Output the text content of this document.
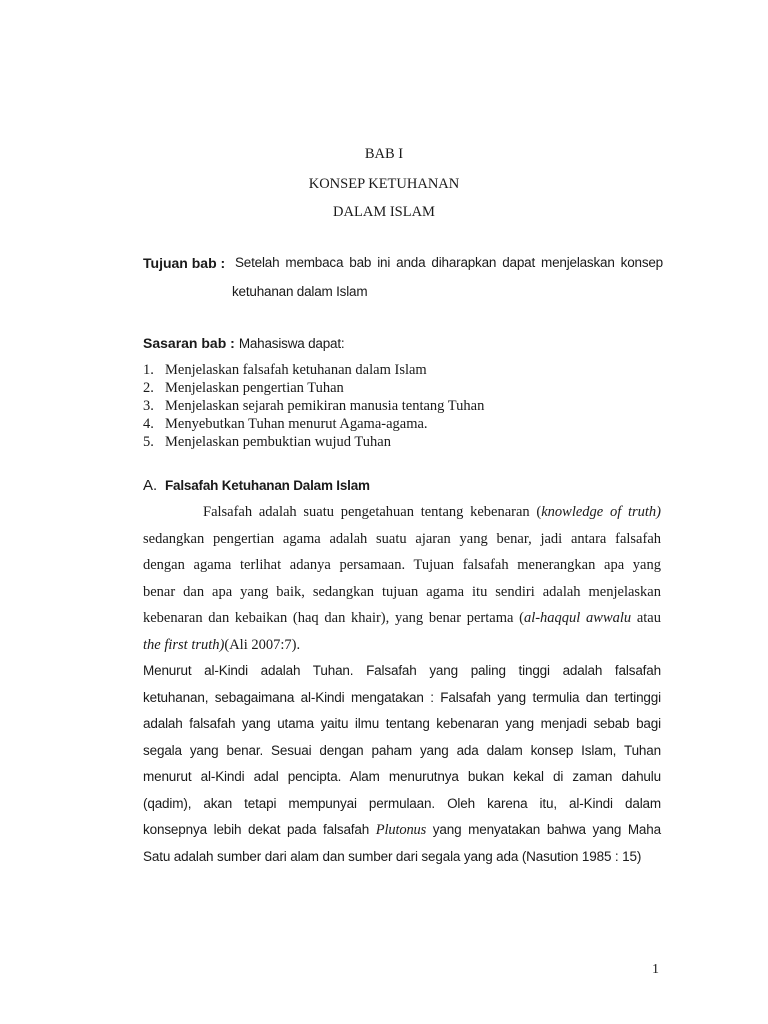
BAB I
KONSEP KETUHANAN
DALAM ISLAM
Tujuan bab : Setelah membaca bab ini anda diharapkan dapat menjelaskan konsep
ketuhanan dalam Islam
Sasaran bab : Mahasiswa dapat:
1. Menjelaskan falsafah ketuhanan dalam Islam
2. Menjelaskan pengertian Tuhan
3. Menjelaskan sejarah pemikiran manusia tentang Tuhan
4. Menyebutkan Tuhan menurut Agama-agama.
5. Menjelaskan pembuktian wujud Tuhan
A. Falsafah Ketuhanan Dalam Islam
Falsafah adalah suatu pengetahuan tentang kebenaran (knowledge of truth)
sedangkan pengertian agama adalah suatu ajaran yang benar, jadi antara falsafah
dengan agama terlihat adanya persamaan. Tujuan falsafah menerangkan apa yang
benar dan apa yang baik, sedangkan tujuan agama itu sendiri adalah menjelaskan
kebenaran dan kebaikan (haq dan khair), yang benar pertama (al-haqqul awwalu atau
the first truth)(Ali 2007:7).
Menurut al-Kindi adalah Tuhan. Falsafah yang paling tinggi adalah falsafah
ketuhanan, sebagaimana al-Kindi mengatakan : Falsafah yang termulia dan tertinggi
adalah falsafah yang utama yaitu ilmu tentang kebenaran yang menjadi sebab bagi
segala yang benar. Sesuai dengan paham yang ada dalam konsep Islam, Tuhan
menurut al-Kindi adal pencipta. Alam menurutnya bukan kekal di zaman dahulu
(qadim), akan tetapi mempunyai permulaan. Oleh karena itu, al-Kindi dalam
konsepnya lebih dekat pada falsafah Plutonus yang menyatakan bahwa yang Maha
Satu adalah sumber dari alam dan sumber dari segala yang ada (Nasution 1985 : 15)
1
